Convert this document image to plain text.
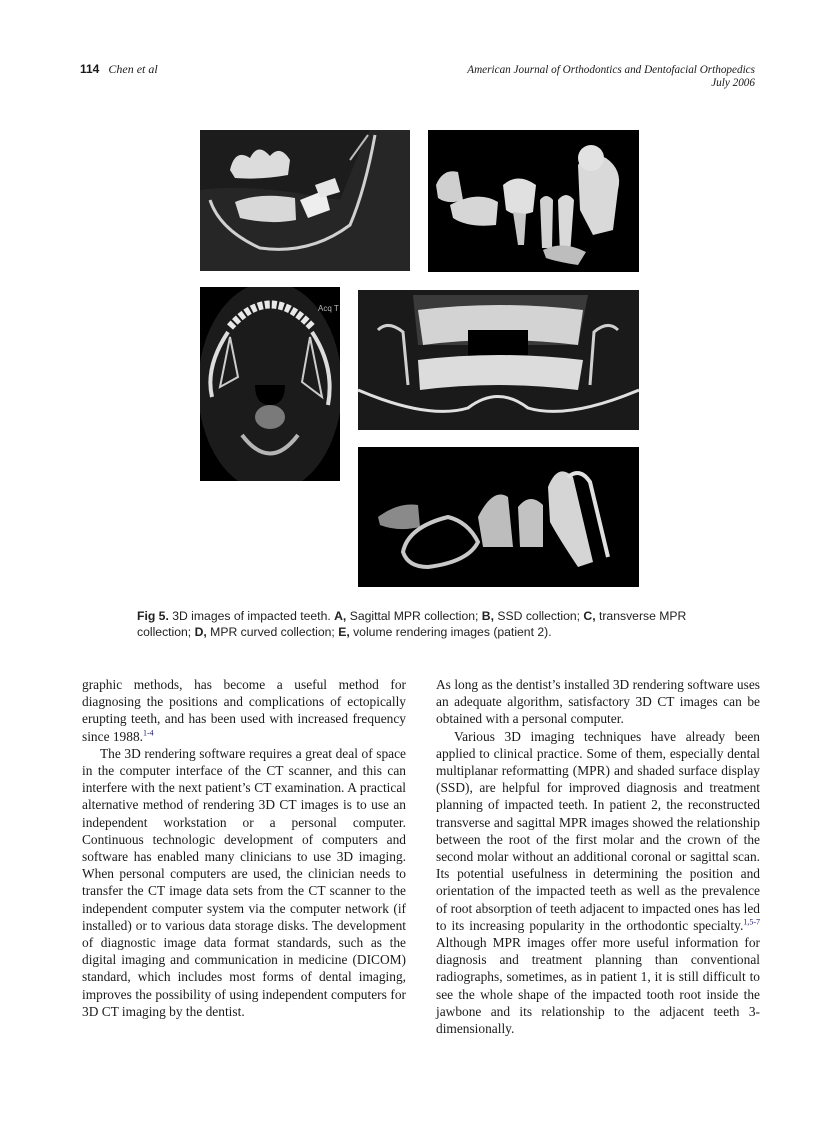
114 Chen et al	American Journal of Orthodontics and Dentofacial Orthopedics
July 2006
Acq T
Fig 5. 3D images of impacted teeth. A, Sagittal MPR collection; B, SSD collection; C, transverse MPR collection; D, MPR curved collection; E, volume rendering images (patient 2).

graphic methods, has become a useful method for diagnosing the positions and complications of ectopically erupting teeth, and has been used with increased frequency since 1988.$^{1-4}$

The 3D rendering software requires a great deal of space in the computer interface of the CT scanner, and this can interfere with the next patient’s CT examination. A practical alternative method of rendering 3D CT images is to use an independent workstation or a personal computer. Continuous technologic development of computers and software has enabled many clinicians to use 3D imaging. When personal computers are used, the clinician needs to transfer the CT image data sets from the CT scanner to the independent computer system via the computer network (if installed) or to various data storage disks. The development of diagnostic image data format standards, such as the digital imaging and communication in medicine (DICOM) standard, which includes most forms of dental imaging, improves the possibility of using independent computers for 3D CT imaging by the dentist.

As long as the dentist’s installed 3D rendering software uses an adequate algorithm, satisfactory 3D CT images can be obtained with a personal computer.

Various 3D imaging techniques have already been applied to clinical practice. Some of them, especially dental multiplanar reformatting (MPR) and shaded surface display (SSD), are helpful for improved diagnosis and treatment planning of impacted teeth. In patient 2, the reconstructed transverse and sagittal MPR images showed the relationship between the root of the first molar and the crown of the second molar without an additional coronal or sagittal scan. Its potential usefulness in determining the position and orientation of the impacted teeth as well as the prevalence of root absorption of teeth adjacent to impacted ones has led to its increasing popularity in the orthodontic specialty.$^{1,5-7}$ Although MPR images offer more useful information for diagnosis and treatment planning than conventional radiographs, sometimes, as in patient 1, it is still difficult to see the whole shape of the impacted tooth root inside the jawbone and its relationship to the adjacent teeth 3-dimensionally.
